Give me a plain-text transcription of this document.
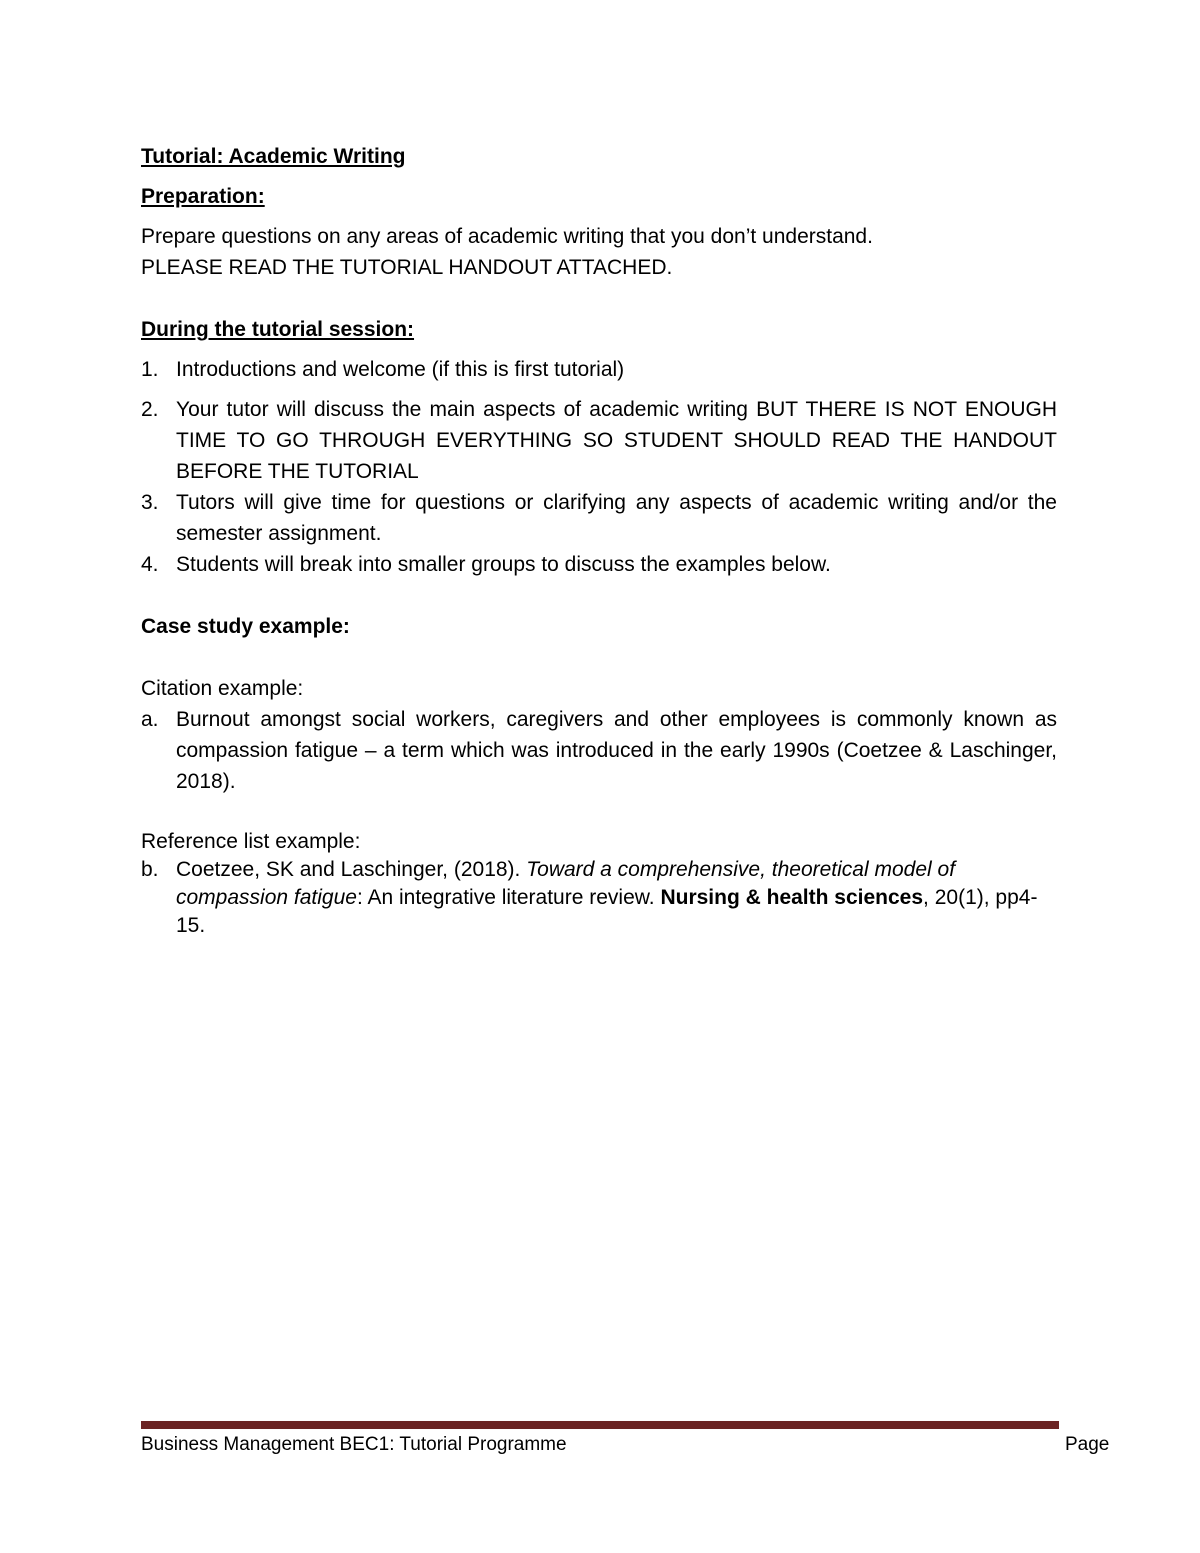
Tutorial: Academic Writing

Preparation:

Prepare questions on any areas of academic writing that you don’t understand.

PLEASE READ THE TUTORIAL HANDOUT ATTACHED.

During the tutorial session:

1. Introductions and welcome (if this is first tutorial)
2. Your tutor will discuss the main aspects of academic writing BUT THERE IS NOT ENOUGH TIME TO GO THROUGH EVERYTHING SO STUDENT SHOULD READ THE HANDOUT BEFORE THE TUTORIAL
3. Tutors will give time for questions or clarifying any aspects of academic writing and/or the semester assignment.
4. Students will break into smaller groups to discuss the examples below.

Case study example:

Citation example:

a. Burnout amongst social workers, caregivers and other employees is commonly known as compassion fatigue – a term which was introduced in the early 1990s (Coetzee & Laschinger, 2018).

Reference list example:

b. Coetzee, SK and Laschinger, (2018). Toward a comprehensive, theoretical model of compassion fatigue: An integrative literature review. Nursing & health sciences, 20(1), pp4-15.
Business Management BEC1: Tutorial Programme	Page
